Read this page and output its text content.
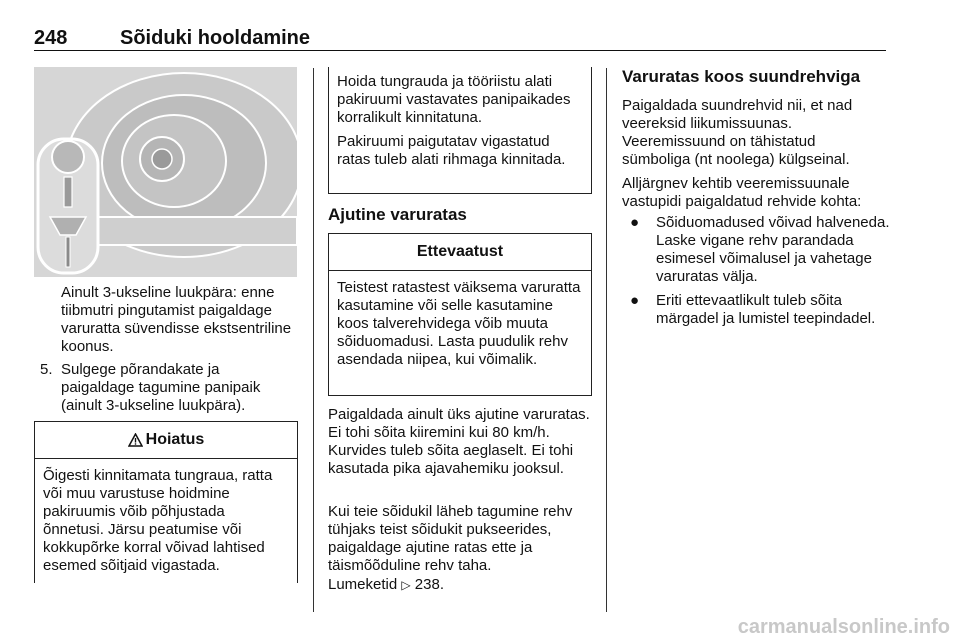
248	Sõiduki hooldamine

Ainult 3-ukseline luukpära: enne tiibmutri pingutamist paigaldage varuratta süvendisse ekstsentriline koonus.

5. Sulgege põrandakate ja paigaldage tagumine panipaik (ainult 3-ukseline luukpära).

Hoiatus

Õigesti kinnitamata tungraua, ratta või muu varustuse hoidmine pakiruumis võib põhjustada õnnetusi. Järsu peatumise või kokkupõrke korral võivad lahtised esemed sõitjaid vigastada.

Hoida tungrauda ja tööriistu alati pakiruumi vastavates panipaikades korralikult kinnitatuna.

Pakiruumi paigutatav vigastatud ratas tuleb alati rihmaga kinnitada.

Ajutine varuratas
Ettevaatust

Teistest ratastest väiksema varuratta kasutamine või selle kasutamine koos talverehvidega võib muuta sõiduomadusi. Lasta puudulik rehv asendada niipea, kui võimalik.

Paigaldada ainult üks ajutine varuratas. Ei tohi sõita kiiremini kui 80 km/h. Kurvides tuleb sõita aeglaselt. Ei tohi kasutada pika ajavahemiku jooksul.

Kui teie sõidukil läheb tagumine rehv tühjaks teist sõidukit pukseerides, paigaldage ajutine ratas ette ja täismõõduline rehv taha.

Lumeketid ▷ 238.

Varuratas koos suundrehviga

Paigaldada suundrehvid nii, et nad veereksid liikumissuunas. Veeremissuund on tähistatud sümboliga (nt noolega) külgseinal.

Alljärgnev kehtib veeremissuunale vastupidi paigaldatud rehvide kohta:

● Sõiduomadused võivad halveneda. Laske vigane rehv parandada esimesel võimalusel ja vahetage varuratas välja.
● Eriti ettevaatlikult tuleb sõita märgadel ja lumistel teepindadel.
carmanualsonline.info
